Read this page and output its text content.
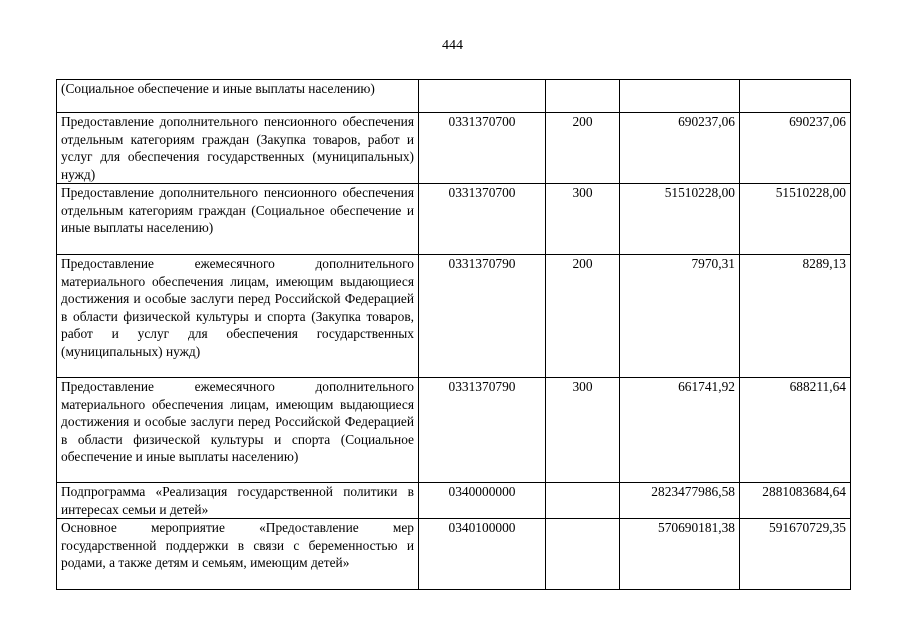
444
(Социальное обеспечение и иные выплаты населению)				
Предоставление дополнительного пенсионного обеспечения отдельным категориям граждан (Закупка товаров, работ и услуг для обеспечения государственных (муниципальных) нужд)	0331370700	200	690237,06	690237,06
Предоставление дополнительного пенсионного обеспечения отдельным категориям граждан (Социальное обеспечение и иные выплаты населению)	0331370700	300	51510228,00	51510228,00
Предоставление ежемесячного дополнительного материального обеспечения лицам, имеющим выдающиеся достижения и особые заслуги перед Российской Федерацией в области физической культуры и спорта (Закупка товаров, работ и услуг для обеспечения государственных (муниципальных) нужд)	0331370790	200	7970,31	8289,13
Предоставление ежемесячного дополнительного материального обеспечения лицам, имеющим выдающиеся достижения и особые заслуги перед Российской Федерацией в области физической культуры и спорта (Социальное обеспечение и иные выплаты населению)	0331370790	300	661741,92	688211,64
Подпрограмма «Реализация государственной политики в интересах семьи и детей»	0340000000		2823477986,58	2881083684,64
Основное мероприятие «Предоставление мер государственной поддержки в связи с беременностью и родами, а также детям и семьям, имеющим детей»	0340100000		570690181,38	591670729,35
